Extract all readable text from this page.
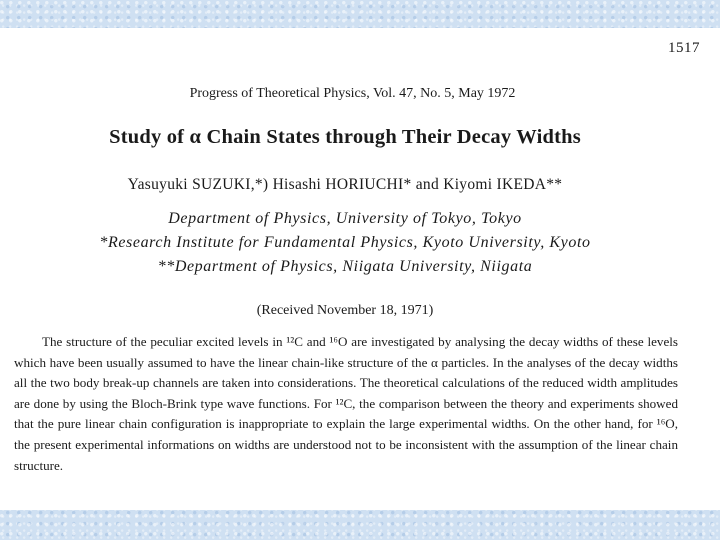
1517
Progress of Theoretical Physics, Vol. 47, No. 5, May 1972
Study of α Chain States through Their Decay Widths
Yasuyuki SUZUKI,*) Hisashi HORIUCHI* and Kiyomi IKEDA**
Department of Physics, University of Tokyo, Tokyo
*Research Institute for Fundamental Physics, Kyoto University, Kyoto
**Department of Physics, Niigata University, Niigata
(Received November 18, 1971)

The structure of the peculiar excited levels in ¹²C and ¹⁶O are investigated by analysing the decay widths of these levels which have been usually assumed to have the linear chain-like structure of the α particles. In the analyses of the decay widths all the two body break-up channels are taken into considerations. The theoretical calculations of the reduced width amplitudes are done by using the Bloch-Brink type wave functions. For ¹²C, the comparison between the theory and experiments showed that the pure linear chain configuration is inappropriate to explain the large experimental widths. On the other hand, for ¹⁶O, the present experimental informations on widths are understood not to be inconsistent with the assumption of the linear chain structure.
